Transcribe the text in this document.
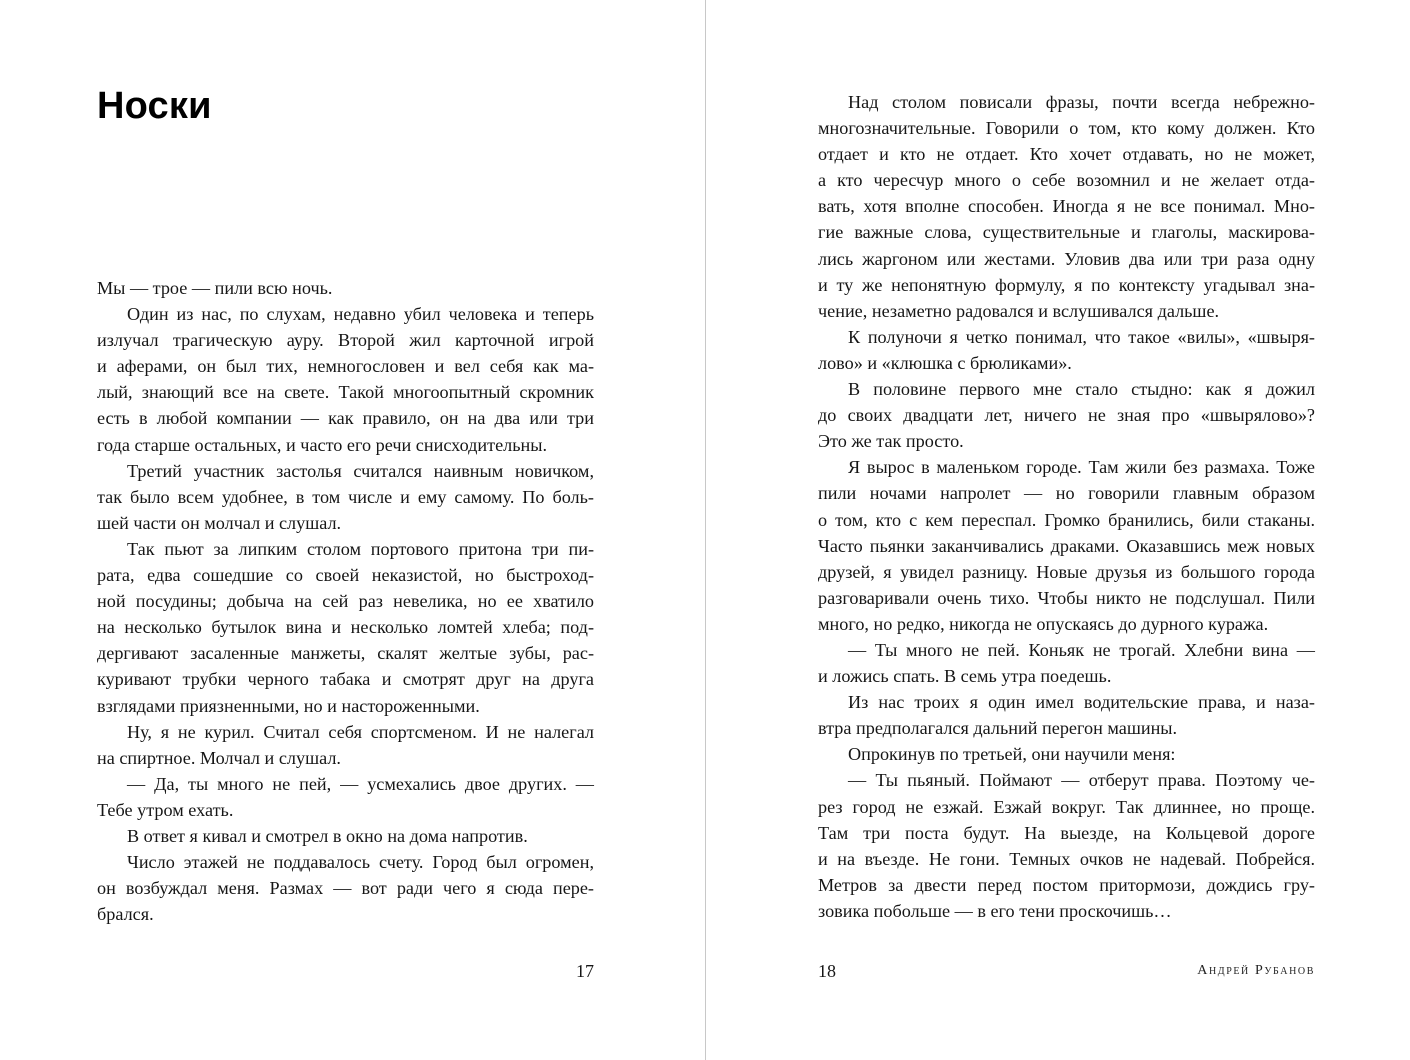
Носки

Мы — трое — пили всю ночь.

Один из нас, по слухам, недавно убил человека и теперь
излучал трагическую ауру. Второй жил карточной игрой
и аферами, он был тих, немногословен и вел себя как ма-
лый, знающий все на свете. Такой многоопытный скромник
есть в любой компании — как правило, он на два или три
года старше остальных, и часто его речи снисходительны.

Третий участник застолья считался наивным новичком,
так было всем удобнее, в том числе и ему самому. По боль-
шей части он молчал и слушал.

Так пьют за липким столом портового притона три пи-
рата, едва сошедшие со своей неказистой, но быстроход-
ной посудины; добыча на сей раз невелика, но ее хватило
на несколько бутылок вина и несколько ломтей хлеба; под-
дергивают засаленные манжеты, скалят желтые зубы, рас-
куривают трубки черного табака и смотрят друг на друга
взглядами приязненными, но и настороженными.

Ну, я не курил. Считал себя спортсменом. И не налегал
на спиртное. Молчал и слушал.

— Да, ты много не пей, — усмехались двое других. —
Тебе утром ехать.

В ответ я кивал и смотрел в окно на дома напротив.

Число этажей не поддавалось счету. Город был огромен,
он возбуждал меня. Размах — вот ради чего я сюда пере-
брался.

17

Над столом повисали фразы, почти всегда небрежно-
многозначительные. Говорили о том, кто кому должен. Кто
отдает и кто не отдает. Кто хочет отдавать, но не может,
а кто чересчур много о себе возомнил и не желает отда-
вать, хотя вполне способен. Иногда я не все понимал. Мно-
гие важные слова, существительные и глаголы, маскирова-
лись жаргоном или жестами. Уловив два или три раза одну
и ту же непонятную формулу, я по контексту угадывал зна-
чение, незаметно радовался и вслушивался дальше.

К полуночи я четко понимал, что такое «вилы», «швыря-
лово» и «клюшка с брюликами».

В половине первого мне стало стыдно: как я дожил
до своих двадцати лет, ничего не зная про «швырялово»?
Это же так просто.

Я вырос в маленьком городе. Там жили без размаха. Тоже
пили ночами напролет — но говорили главным образом
о том, кто с кем переспал. Громко бранились, били стаканы.
Часто пьянки заканчивались драками. Оказавшись меж новых
друзей, я увидел разницу. Новые друзья из большого города
разговаривали очень тихо. Чтобы никто не подслушал. Пили
много, но редко, никогда не опускаясь до дурного куража.

— Ты много не пей. Коньяк не трогай. Хлебни вина —
и ложись спать. В семь утра поедешь.

Из нас троих я один имел водительские права, и наза-
втра предполагался дальний перегон машины.

Опрокинув по третьей, они научили меня:

— Ты пьяный. Поймают — отберут права. Поэтому че-
рез город не езжай. Езжай вокруг. Так длиннее, но проще.
Там три поста будут. На выезде, на Кольцевой дороге
и на въезде. Не гони. Темных очков не надевай. Побрейся.
Метров за двести перед постом притормози, дождись гру-
зовика побольше — в его тени проскочишь…

18	Андрей Рубанов
